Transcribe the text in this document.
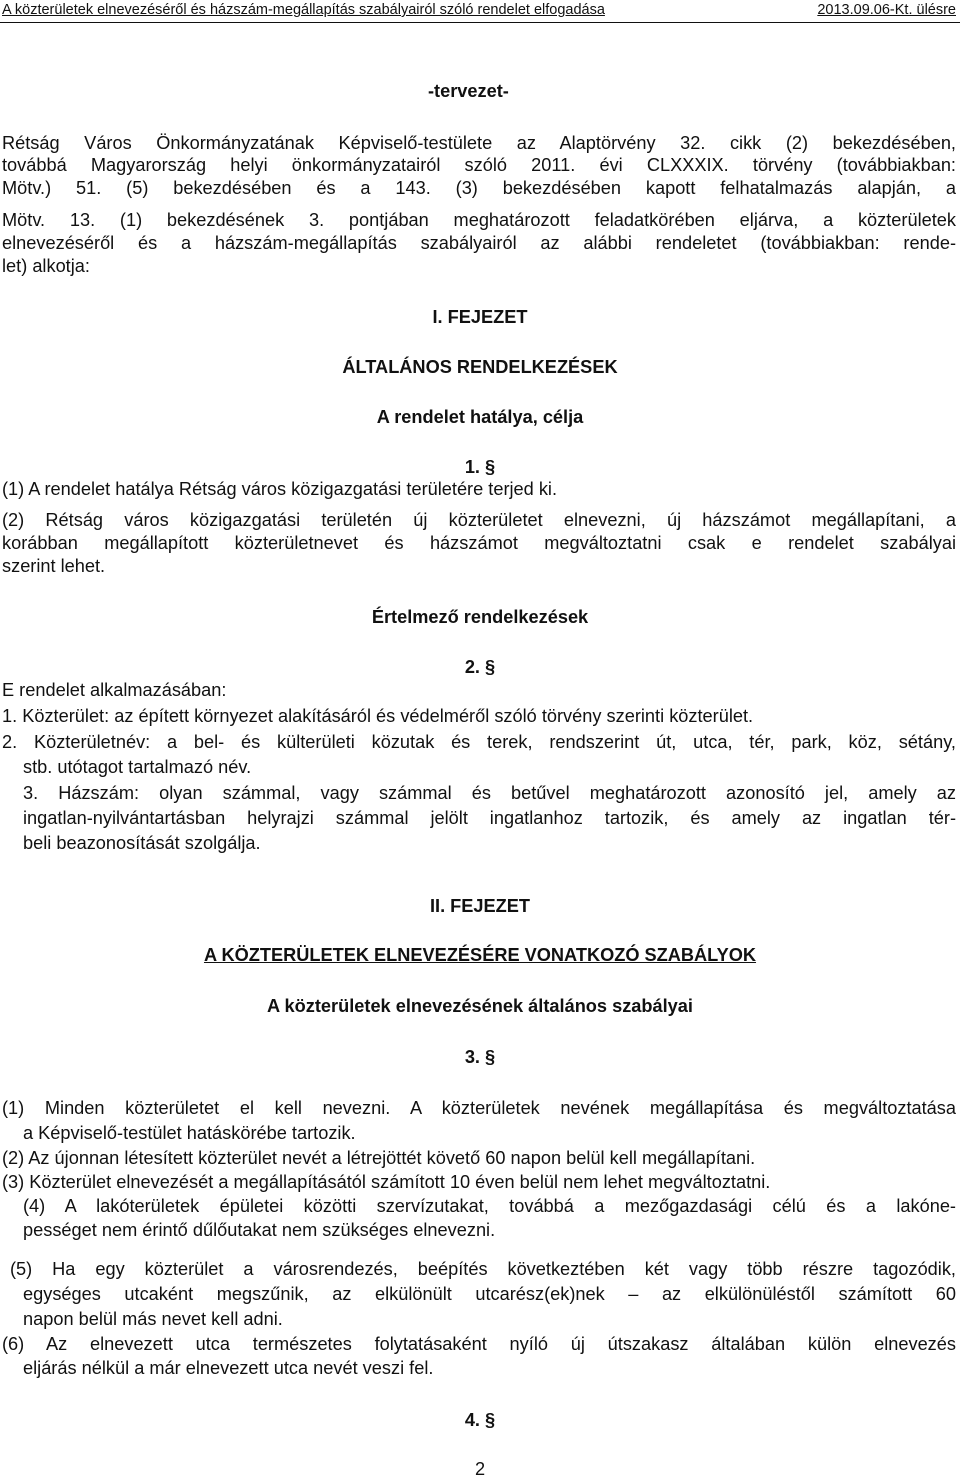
A közterületek elnevezéséről és házszám-megállapítás szabályairól szóló rendelet elfogadása	2013.09.06-Kt. ülésre

-tervezet-

Rétság Város Önkormányzatának Képviselő-testülete az Alaptörvény 32. cikk (2) bekezdésében,

továbbá Magyarország helyi önkormányzatairól szóló 2011. évi CLXXXIX. törvény (továbbiakban:

Mötv.) 51. (5) bekezdésében és a 143. (3) bekezdésében kapott felhatalmazás alapján, a

Mötv. 13. (1) bekezdésének 3. pontjában meghatározott feladatkörében eljárva, a közterületek

elnevezéséről és a házszám-megállapítás szabályairól az alábbi rendeletet (továbbiakban: rende-

let) alkotja:

I. FEJEZET

ÁLTALÁNOS RENDELKEZÉSEK

A rendelet hatálya, célja

1. §

(1) A rendelet hatálya Rétság város közigazgatási területére terjed ki.

(2) Rétság város közigazgatási területén új közterületet elnevezni, új házszámot megállapítani, a

korábban megállapított közterületnevet és házszámot megváltoztatni csak e rendelet szabályai

szerint lehet.

Értelmező rendelkezések

2. §

E rendelet alkalmazásában:

1. Közterület: az épített környezet alakításáról és védelméről szóló törvény szerinti közterület.

2. Közterületnév: a bel- és külterületi közutak és terek, rendszerint út, utca, tér, park, köz, sétány,

stb. utótagot tartalmazó név.

3. Házszám: olyan számmal, vagy számmal és betűvel meghatározott azonosító jel, amely az

ingatlan-nyilvántartásban helyrajzi számmal jelölt ingatlanhoz tartozik, és amely az ingatlan tér-

beli beazonosítását szolgálja.

II. FEJEZET

A KÖZTERÜLETEK ELNEVEZÉSÉRE VONATKOZÓ SZABÁLYOK

A közterületek elnevezésének általános szabályai

3. §

(1) Minden közterületet el kell nevezni. A közterületek nevének megállapítása és megváltoztatása

a Képviselő-testület hatáskörébe tartozik.

(2) Az újonnan létesített közterület nevét a létrejöttét követő 60 napon belül kell megállapítani.

(3) Közterület elnevezését a megállapításától számított 10 éven belül nem lehet megváltoztatni.

(4) A lakóterületek épületei közötti szervízutakat, továbbá a mezőgazdasági célú és a lakóne-

pességet nem érintő dűlőutakat nem szükséges elnevezni.

(5) Ha egy közterület a városrendezés, beépítés következtében két vagy több részre tagozódik,

egységes utcaként megszűnik, az elkülönült utcarész(ek)nek – az elkülönüléstől számított 60

napon belül más nevet kell adni.

(6) Az elnevezett utca természetes folytatásaként nyíló új útszakasz általában külön elnevezés

eljárás nélkül a már elnevezett utca nevét veszi fel.

4. §

2
